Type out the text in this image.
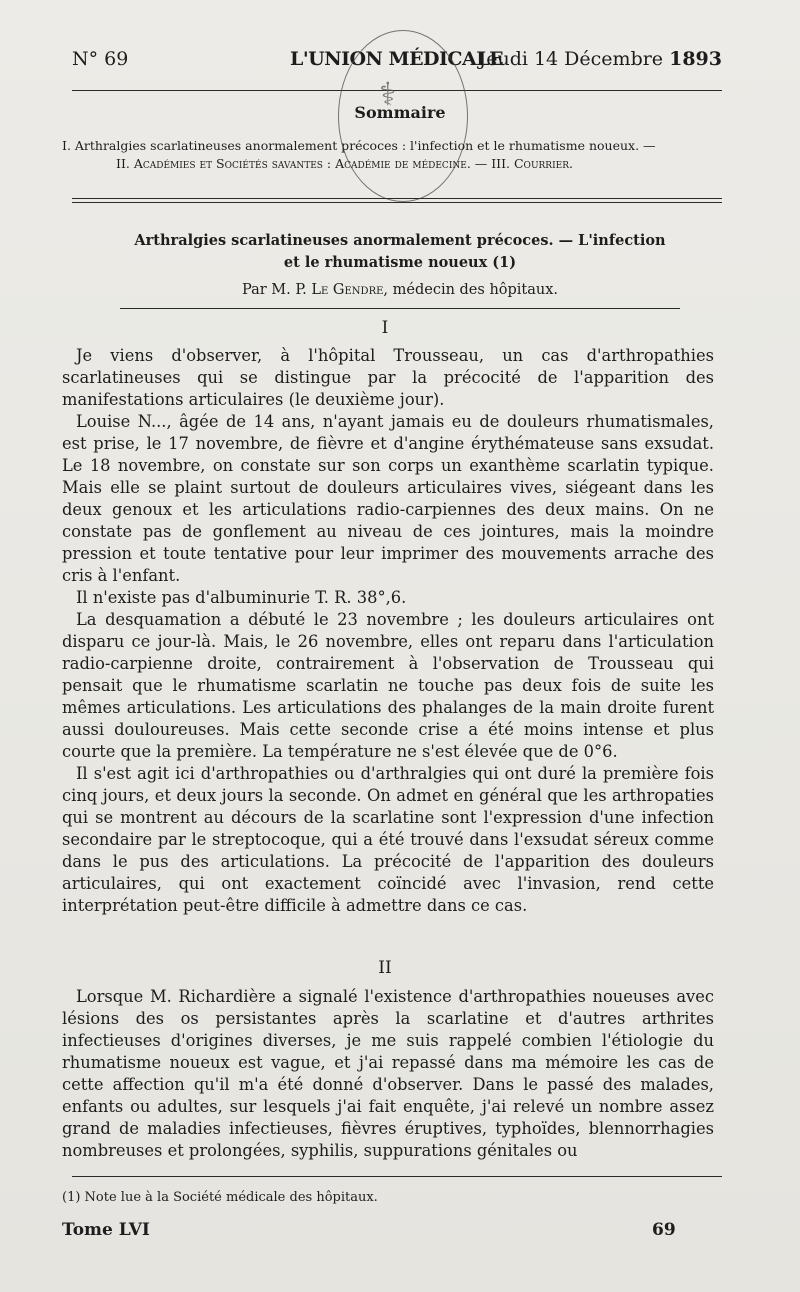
N° 69	L'UNION MÉDICALE
Jeudi 14 Décembre 1893
⚕
Sommaire
I. Arthralgies scarlatineuses anormalement précoces : l'infection et le rhumatisme noueux. —
II. Académies et Sociétés savantes : Académie de médecine. — III. Courrier.
Arthralgies scarlatineuses anormalement précoces. — L'infection
et le rhumatisme noueux (1)
Par M. P. Le Gendre, médecin des hôpitaux.
I

Je viens d'observer, à l'hôpital Trousseau, un cas d'arthropathies scarlatineuses qui se distingue par la précocité de l'apparition des manifestations articulaires (le deuxième jour).

Louise N..., âgée de 14 ans, n'ayant jamais eu de douleurs rhumatismales, est prise, le 17 novembre, de fièvre et d'angine érythémateuse sans exsudat. Le 18 novembre, on constate sur son corps un exanthème scarlatin typique. Mais elle se plaint surtout de douleurs articulaires vives, siégeant dans les deux genoux et les articulations radio-carpiennes des deux mains. On ne constate pas de gonflement au niveau de ces jointures, mais la moindre pression et toute tentative pour leur imprimer des mouvements arrache des cris à l'enfant.

Il n'existe pas d'albuminurie T. R. 38°,6.

La desquamation a débuté le 23 novembre ; les douleurs articulaires ont disparu ce jour-là. Mais, le 26 novembre, elles ont reparu dans l'articulation radio-carpienne droite, contrairement à l'observation de Trousseau qui pensait que le rhumatisme scarlatin ne touche pas deux fois de suite les mêmes articulations. Les articulations des phalanges de la main droite furent aussi douloureuses. Mais cette seconde crise a été moins intense et plus courte que la première. La température ne s'est élevée que de 0°6.

Il s'est agit ici d'arthropathies ou d'arthralgies qui ont duré la première fois cinq jours, et deux jours la seconde. On admet en général que les arthropaties qui se montrent au décours de la scarlatine sont l'expression d'une infection secondaire par le streptocoque, qui a été trouvé dans l'exsudat séreux comme dans le pus des articulations. La précocité de l'apparition des douleurs articulaires, qui ont exactement coïncidé avec l'invasion, rend cette interprétation peut-être difficile à admettre dans ce cas.

II

Lorsque M. Richardière a signalé l'existence d'arthropathies noueuses avec lésions des os persistantes après la scarlatine et d'autres arthrites infectieuses d'origines diverses, je me suis rappelé combien l'étiologie du rhumatisme noueux est vague, et j'ai repassé dans ma mémoire les cas de cette affection qu'il m'a été donné d'observer. Dans le passé des malades, enfants ou adultes, sur lesquels j'ai fait enquête, j'ai relevé un nombre assez grand de maladies infectieuses, fièvres éruptives, typhoïdes, blennorrhagies nombreuses et prolongées, syphilis, suppurations génitales ou

(1) Note lue à la Société médicale des hôpitaux.
Tome LVI	69
